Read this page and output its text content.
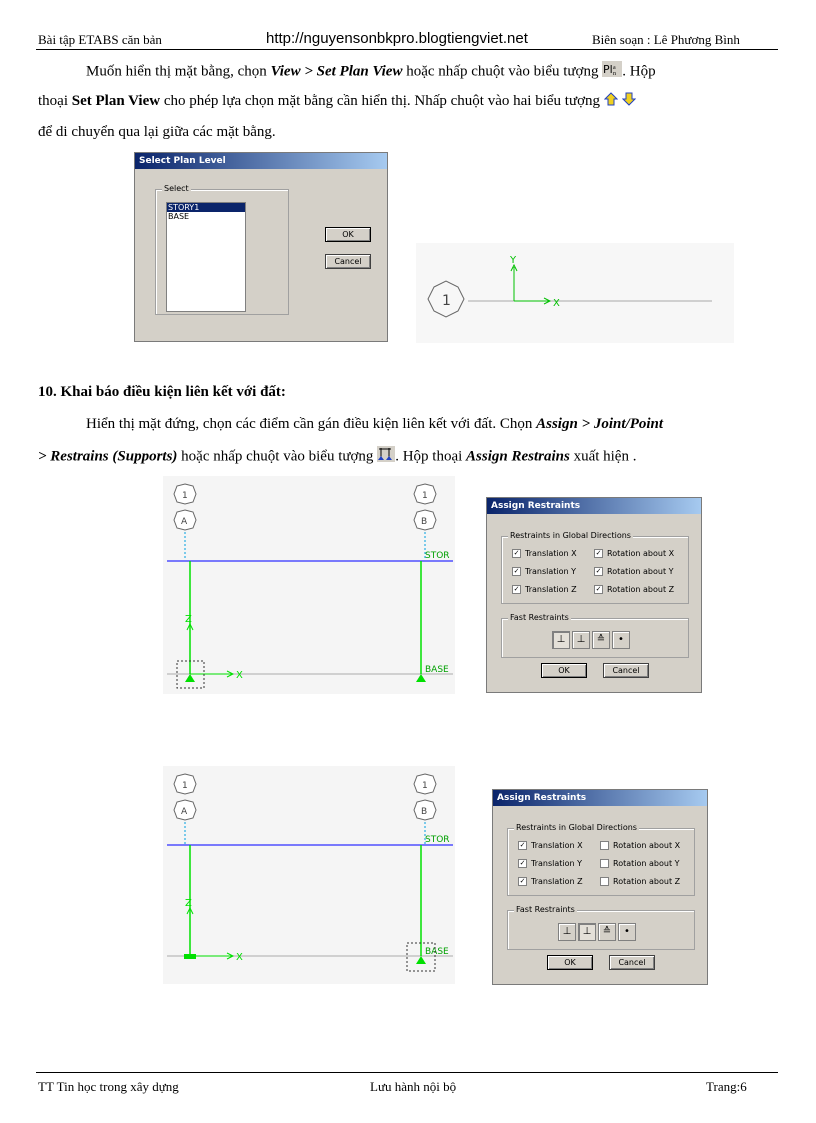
Bài tập ETABS căn bản	http://nguyensonbkpro.blogtiengviet.net	Biên soạn : Lê Phương Bình
Muốn hiển thị mặt bằng, chọn View > Set Plan View hoặc nhấp chuột vào biểu tượng Pl a
n . Hộp
thoại Set Plan View cho phép lựa chọn mặt bằng cần hiển thị. Nhấp chuột vào hai biểu tượng
để di chuyển qua lại giữa các mặt bằng.
Select Plan Level
Select
STORY1
BASE
OK
Cancel
1
Y
X
10. Khai báo điều kiện liên kết với đất:
Hiển thị mặt đứng, chọn các điểm cần gán điều kiện liên kết với đất. Chọn Assign > Joint/Point
> Restrains (Supports) hoặc nhấp chuột vào biểu tượng . Hộp thoại Assign Restrains xuất hiện .
1
A
1
B
STOR
BASE
Z
X
Assign Restraints
Restraints in Global Directions
✓ Translation X
✓ Translation Y
✓ Translation Z
✓ Rotation about X
✓ Rotation about Y
✓ Rotation about Z
Fast Restraints
⊥	⊥	≙	•
OK	Cancel
1
A
1
B
STOR
BASE
Z
X
Assign Restraints
Restraints in Global Directions
✓ Translation X
✓ Translation Y
✓ Translation Z
Rotation about X
Rotation about Y
Rotation about Z
Fast Restraints
⊥	⊥	≙	•
OK	Cancel
TT Tin học trong xây dựng	Lưu hành nội bộ	Trang:6
